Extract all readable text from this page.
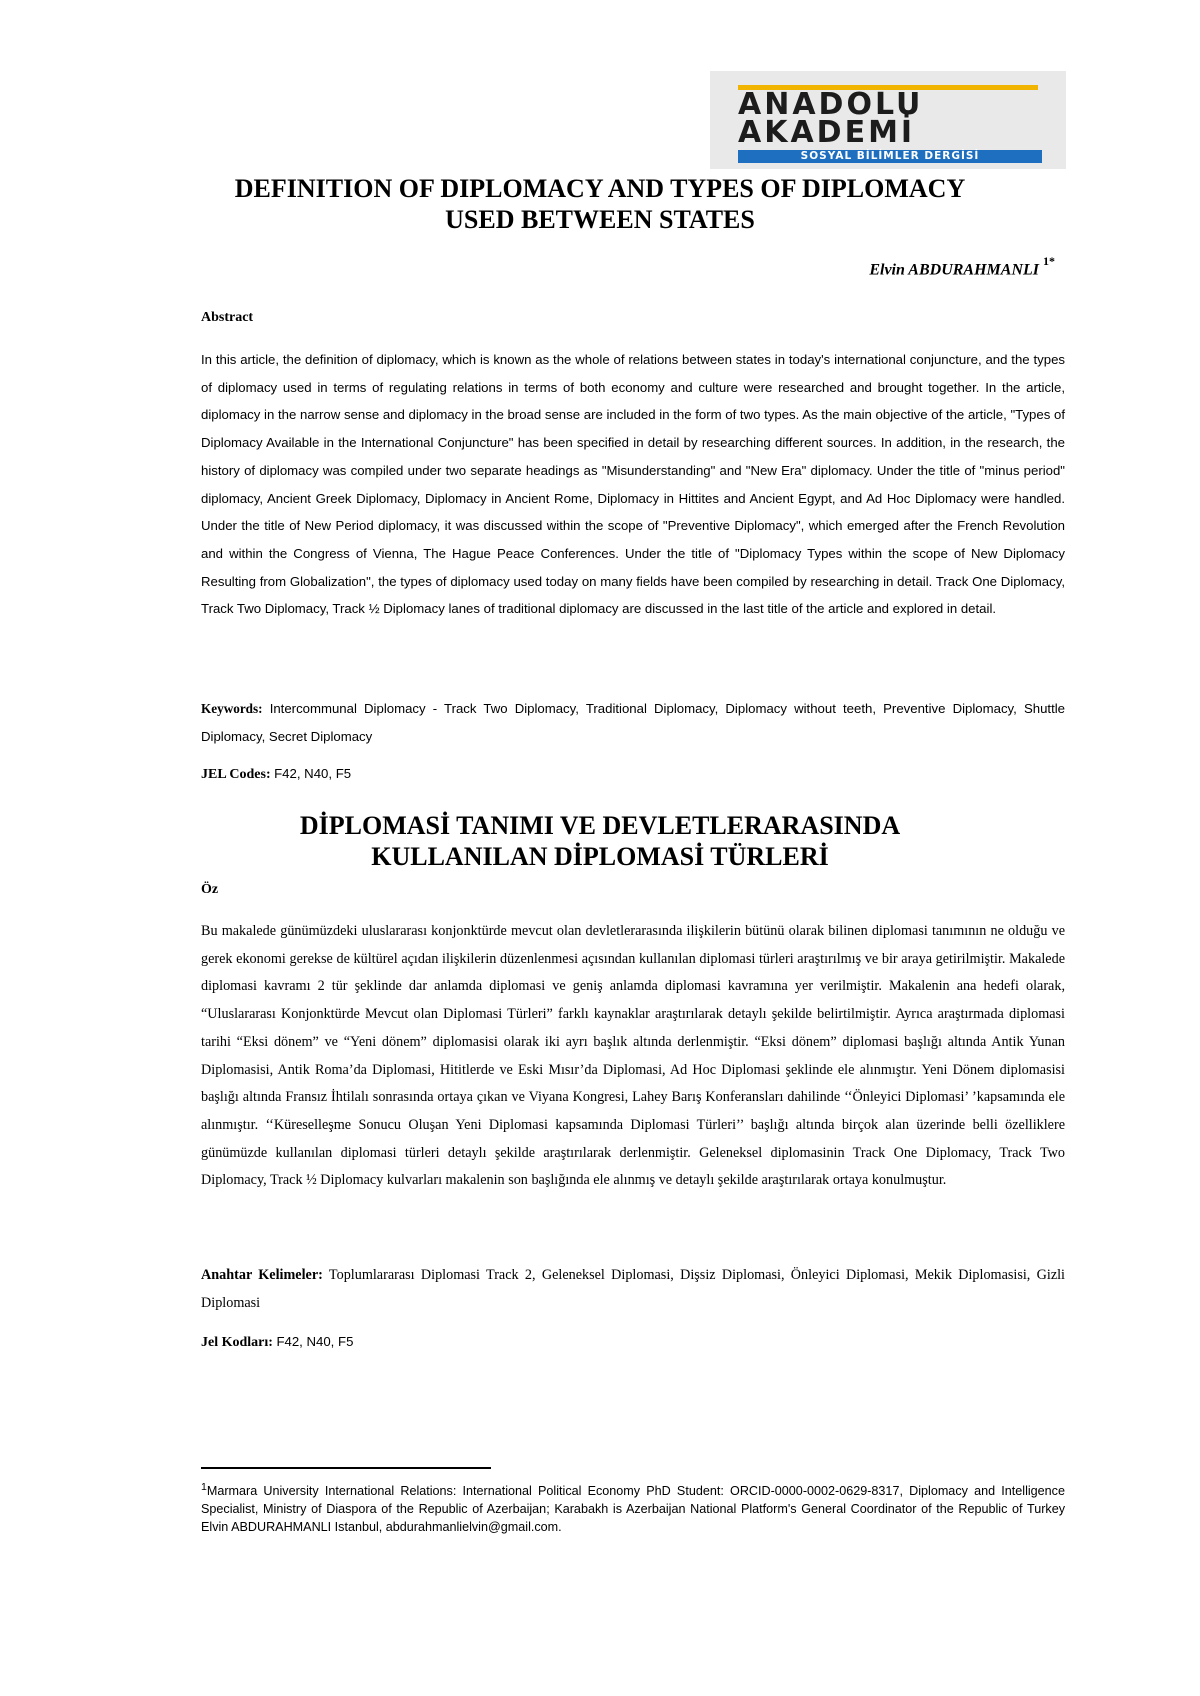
ANADOLU
AKADEMİ
SOSYAL BİLİMLER DERGİSİ
DEFINITION OF DIPLOMACY AND TYPES OF DIPLOMACY
USED BETWEEN STATES
Elvin ABDURAHMANLI $^{1*}$
Abstract
In this article, the definition of diplomacy, which is known as the whole of relations between states in today's international conjuncture, and the types of diplomacy used in terms of regulating relations in terms of both economy and culture were researched and brought together. In the article, diplomacy in the narrow sense and diplomacy in the broad sense are included in the form of two types. As the main objective of the article, "Types of Diplomacy Available in the International Conjuncture" has been specified in detail by researching different sources. In addition, in the research, the history of diplomacy was compiled under two separate headings as "Misunderstanding" and "New Era" diplomacy. Under the title of "minus period" diplomacy, Ancient Greek Diplomacy, Diplomacy in Ancient Rome, Diplomacy in Hittites and Ancient Egypt, and Ad Hoc Diplomacy were handled. Under the title of New Period diplomacy, it was discussed within the scope of "Preventive Diplomacy", which emerged after the French Revolution and within the Congress of Vienna, The Hague Peace Conferences. Under the title of "Diplomacy Types within the scope of New Diplomacy Resulting from Globalization", the types of diplomacy used today on many fields have been compiled by researching in detail. Track One Diplomacy, Track Two Diplomacy, Track ½ Diplomacy lanes of traditional diplomacy are discussed in the last title of the article and explored in detail.
Keywords: Intercommunal Diplomacy - Track Two Diplomacy, Traditional Diplomacy, Diplomacy without teeth, Preventive Diplomacy, Shuttle Diplomacy, Secret Diplomacy
JEL Codes: F42, N40, F5
DİPLOMASİ TANIMI VE DEVLETLERARASINDA
KULLANILAN DİPLOMASİ TÜRLERİ
Öz
Bu makalede günümüzdeki uluslararası konjonktürde mevcut olan devletlerarasında ilişkilerin bütünü olarak bilinen diplomasi tanımının ne olduğu ve gerek ekonomi gerekse de kültürel açıdan ilişkilerin düzenlenmesi açısından kullanılan diplomasi türleri araştırılmış ve bir araya getirilmiştir. Makalede diplomasi kavramı 2 tür şeklinde dar anlamda diplomasi ve geniş anlamda diplomasi kavramına yer verilmiştir. Makalenin ana hedefi olarak, “Uluslararası Konjonktürde Mevcut olan Diplomasi Türleri” farklı kaynaklar araştırılarak detaylı şekilde belirtilmiştir. Ayrıca araştırmada diplomasi tarihi “Eksi dönem” ve “Yeni dönem” diplomasisi olarak iki ayrı başlık altında derlenmiştir. “Eksi dönem” diplomasi başlığı altında Antik Yunan Diplomasisi, Antik Roma’da Diplomasi, Hititlerde ve Eski Mısır’da Diplomasi, Ad Hoc Diplomasi şeklinde ele alınmıştır. Yeni Dönem diplomasisi başlığı altında Fransız İhtilalı sonrasında ortaya çıkan ve Viyana Kongresi, Lahey Barış Konferansları dahilinde ‘‘Önleyici Diplomasi’ ’kapsamında ele alınmıştır. ‘‘Küreselleşme Sonucu Oluşan Yeni Diplomasi kapsamında Diplomasi Türleri’’ başlığı altında birçok alan üzerinde belli özelliklere günümüzde kullanılan diplomasi türleri detaylı şekilde araştırılarak derlenmiştir. Geleneksel diplomasinin Track One Diplomacy, Track Two Diplomacy, Track ½ Diplomacy kulvarları makalenin son başlığında ele alınmış ve detaylı şekilde araştırılarak ortaya konulmuştur.
Anahtar Kelimeler: Toplumlararası Diplomasi Track 2, Geleneksel Diplomasi, Dişsiz Diplomasi, Önleyici Diplomasi, Mekik Diplomasisi, Gizli Diplomasi
Jel Kodları: F42, N40, F5
$^1$Marmara University International Relations: International Political Economy PhD Student: ORCID-0000-0002-0629-8317, Diplomacy and Intelligence Specialist, Ministry of Diaspora of the Republic of Azerbaijan; Karabakh is Azerbaijan National Platform's General Coordinator of the Republic of Turkey Elvin ABDURAHMANLI Istanbul, abdurahmanlielvin@gmail.com.
